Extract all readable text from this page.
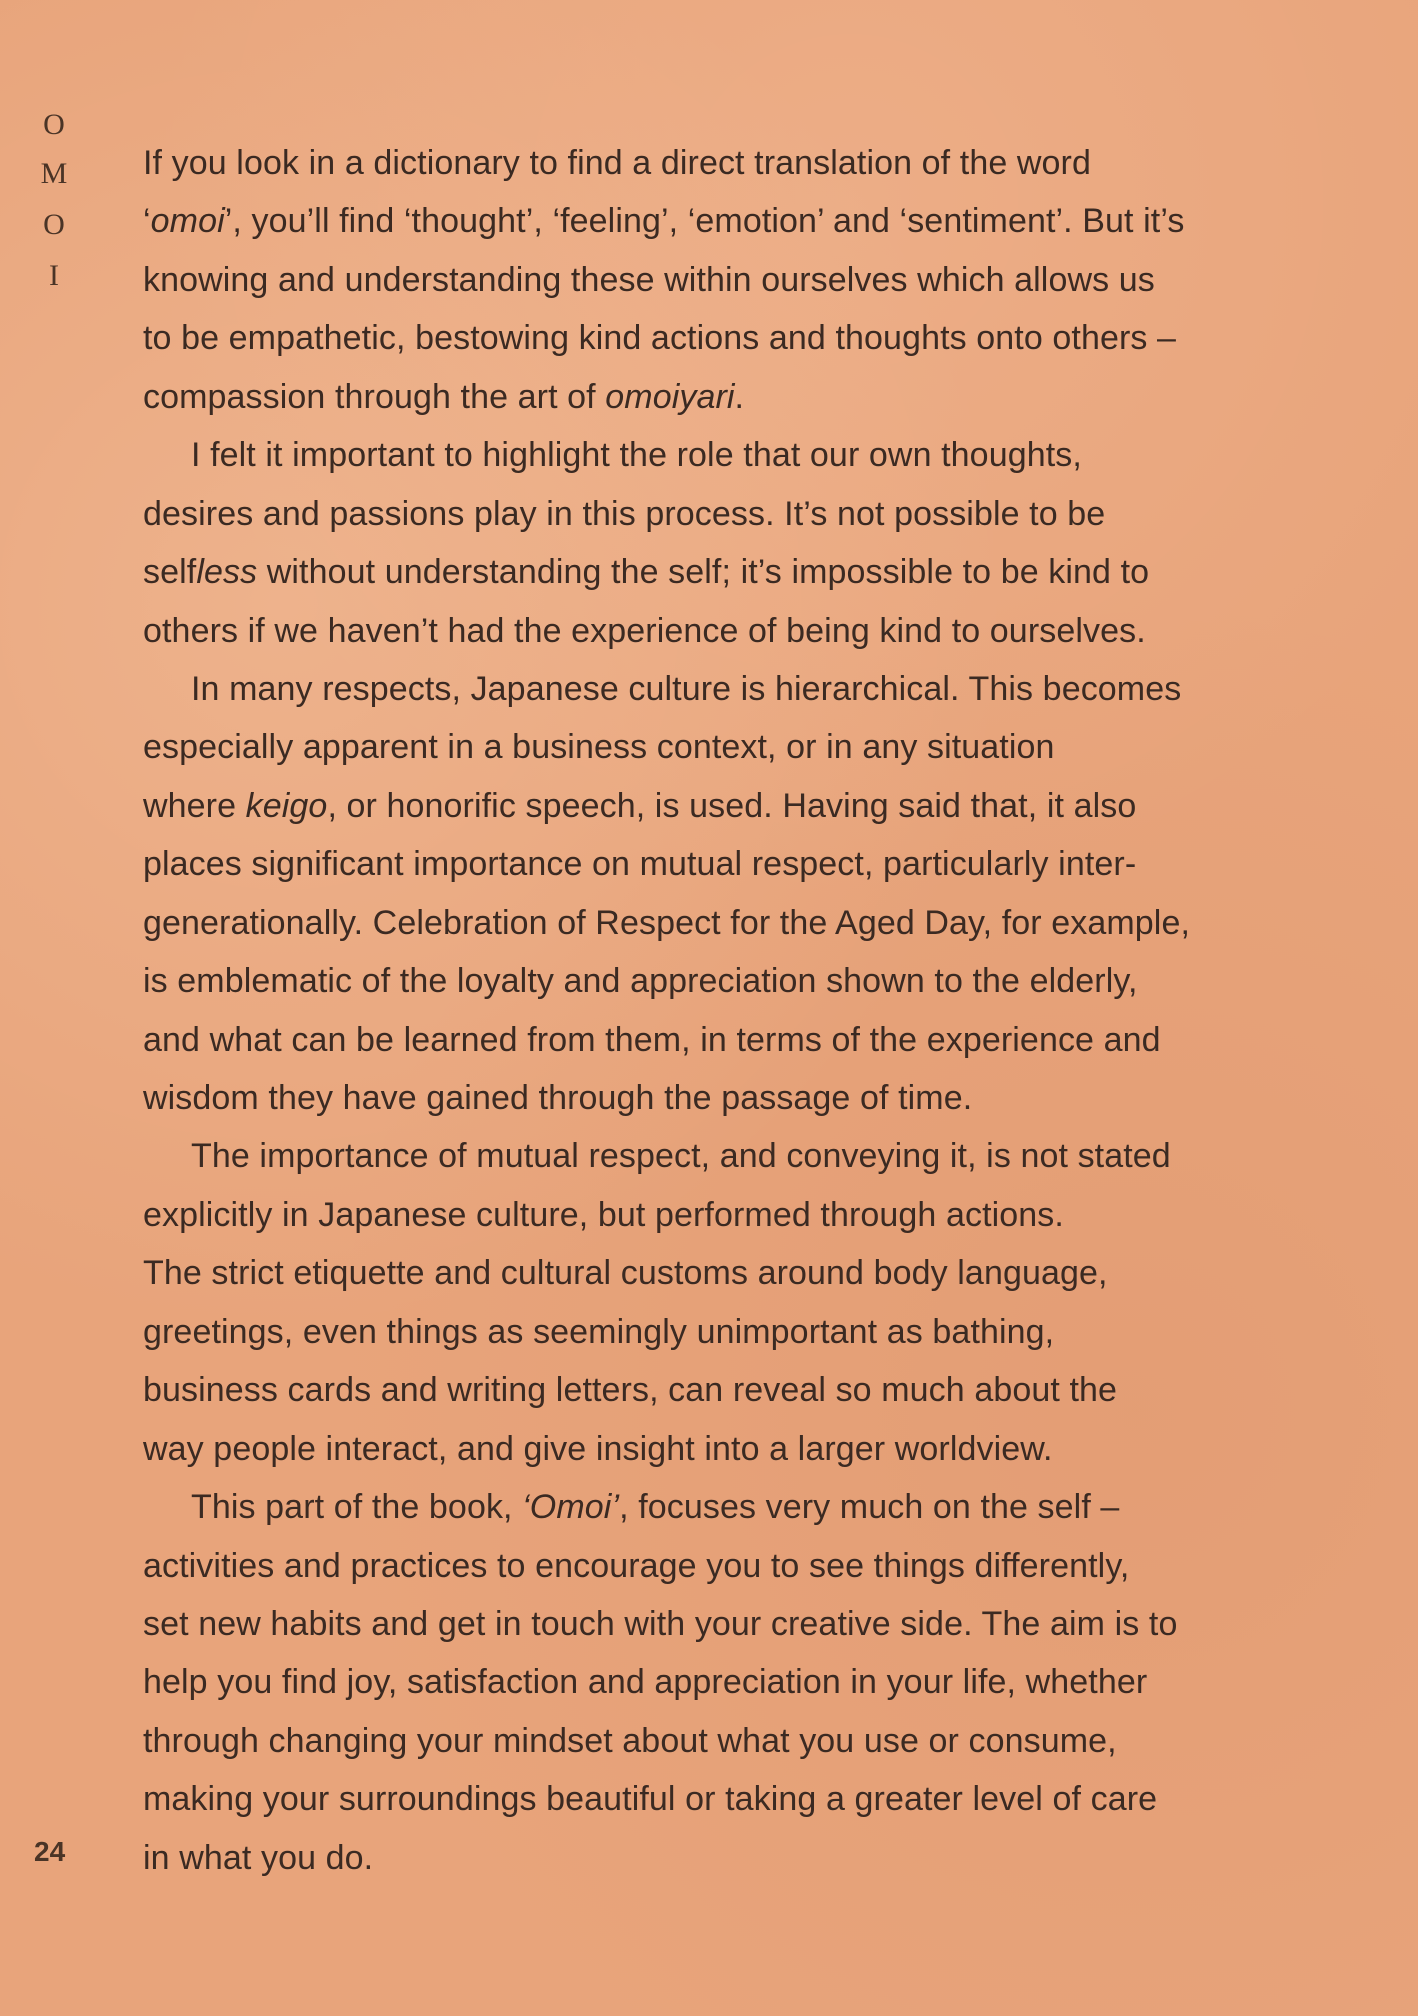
O
M
O
I
If you look in a dictionary to find a direct translation of the word
‘omoi’, you’ll find ‘thought’, ‘feeling’, ‘emotion’ and ‘sentiment’. But it’s
knowing and understanding these within ourselves which allows us
to be empathetic, bestowing kind actions and thoughts onto others –
compassion through the art of omoiyari.
I felt it important to highlight the role that our own thoughts,
desires and passions play in this process. It’s not possible to be
selfless without understanding the self; it’s impossible to be kind to
others if we haven’t had the experience of being kind to ourselves.
In many respects, Japanese culture is hierarchical. This becomes
especially apparent in a business context, or in any situation
where keigo, or honorific speech, is used. Having said that, it also
places significant importance on mutual respect, particularly inter-
generationally. Celebration of Respect for the Aged Day, for example,
is emblematic of the loyalty and appreciation shown to the elderly,
and what can be learned from them, in terms of the experience and
wisdom they have gained through the passage of time.
The importance of mutual respect, and conveying it, is not stated
explicitly in Japanese culture, but performed through actions.
The strict etiquette and cultural customs around body language,
greetings, even things as seemingly unimportant as bathing,
business cards and writing letters, can reveal so much about the
way people interact, and give insight into a larger worldview.
This part of the book, ‘Omoi’, focuses very much on the self –
activities and practices to encourage you to see things differently,
set new habits and get in touch with your creative side. The aim is to
help you find joy, satisfaction and appreciation in your life, whether
through changing your mindset about what you use or consume,
making your surroundings beautiful or taking a greater level of care
in what you do.
24
